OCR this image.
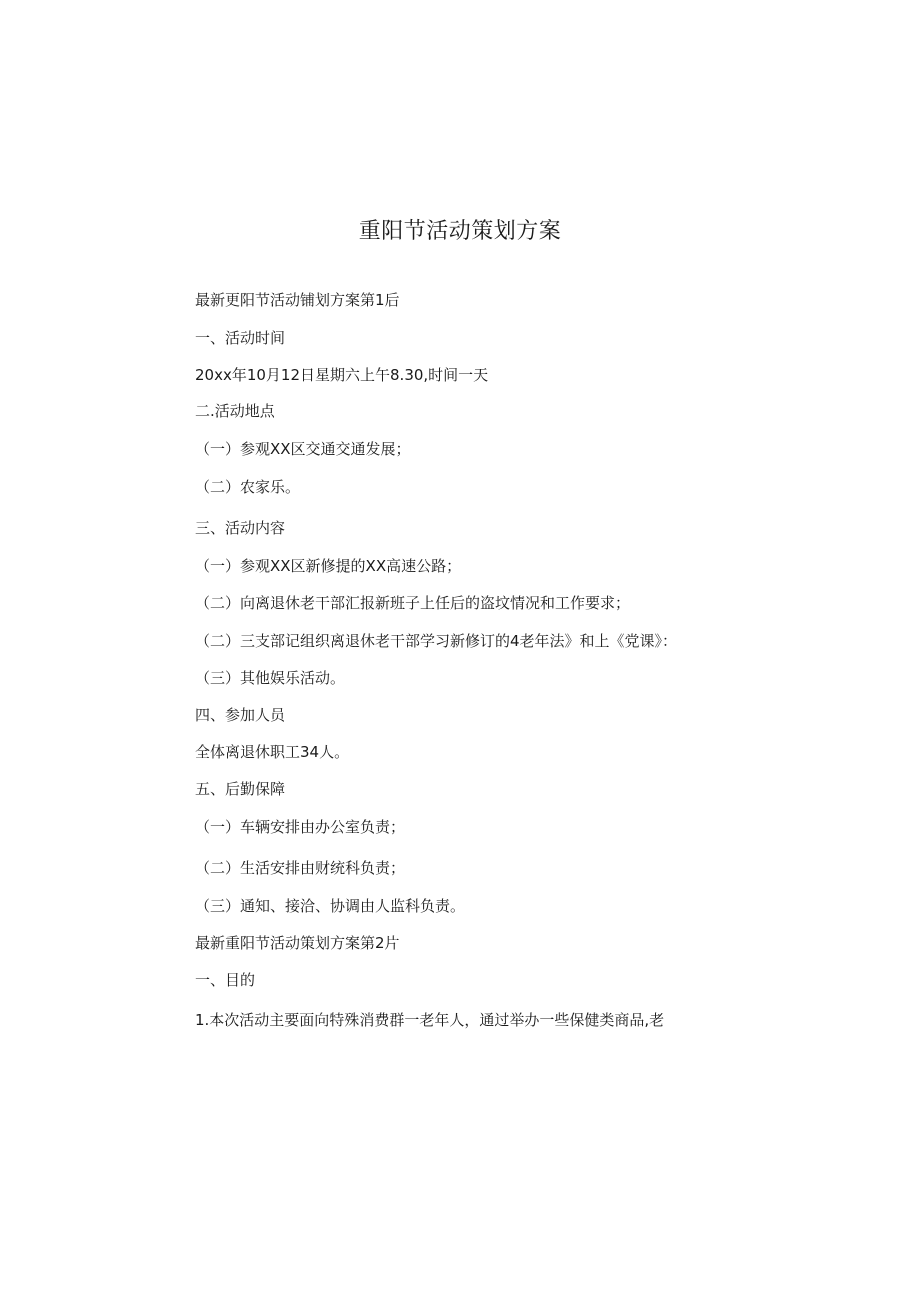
重阳节活动策划方案
最新更阳节活动铺划方案第1后
一、活动时间
20xx年10月12日星期六上午8.30,时间一天
二.活动地点
（一）参观XX区交通交通发展；
（二）农家乐。
三、活动内容
（一）参观XX区新修提的XX高速公路；
（二）向离退休老干部汇报新班子上任后的盗坟情况和工作要求；
（二）三支部记组织离退休老干部学习新修订的4老年法》和上《党课》：
（三）其他娱乐活动。
四、参加人员
全体离退休职工34人。
五、后勤保障
（一）车辆安排由办公室负责；
（二）生活安排由财统科负责；
（三）通知、接洽、协调由人监科负责。
最新重阳节活动策划方案第2片
一、目的
1.本次活动主要面向特殊消费群一老年人，通过举办一些保健类商品,老
